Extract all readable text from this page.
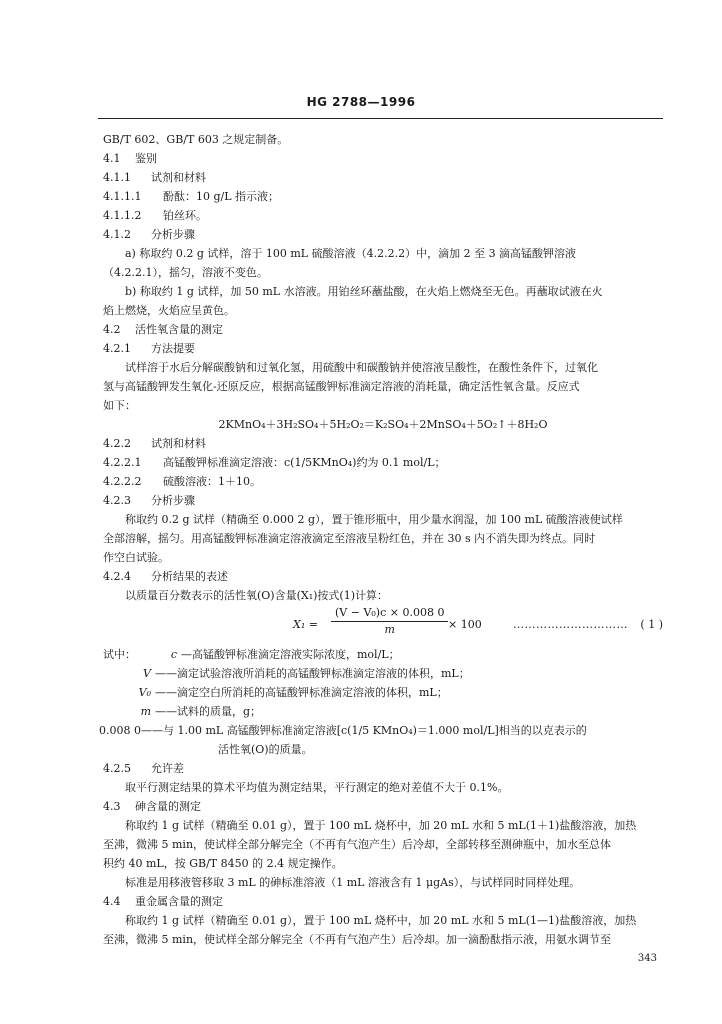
HG 2788—1996
GB/T 602、GB/T 603 之规定制备。
4.1 鉴别
4.1.1 试剂和材料
4.1.1.1 酚酞：10 g/L 指示液；
4.1.1.2 铂丝环。
4.1.2 分析步骤
a) 称取约 0.2 g 试样，溶于 100 mL 硫酸溶液（4.2.2.2）中，滴加 2 至 3 滴高锰酸钾溶液
（4.2.2.1），摇匀，溶液不变色。
b) 称取约 1 g 试样，加 50 mL 水溶液。用铂丝环蘸盐酸，在火焰上燃烧至无色。再蘸取试液在火
焰上燃烧，火焰应呈黄色。
4.2 活性氧含量的测定
4.2.1 方法提要
试样溶于水后分解碳酸钠和过氧化氢，用硫酸中和碳酸钠并使溶液呈酸性，在酸性条件下，过氧化
氢与高锰酸钾发生氧化-还原反应，根据高锰酸钾标准滴定溶液的消耗量，确定活性氧含量。反应式
如下：
2KMnO₄＋3H₂SO₄＋5H₂O₂＝K₂SO₄＋2MnSO₄＋5O₂↑＋8H₂O
4.2.2 试剂和材料
4.2.2.1 高锰酸钾标准滴定溶液：c(1/5KMnO₄)约为 0.1 mol/L；
4.2.2.2 硫酸溶液：1＋10。
4.2.3 分析步骤
称取约 0.2 g 试样（精确至 0.000 2 g），置于锥形瓶中，用少量水润湿，加 100 mL 硫酸溶液使试样
全部溶解，摇匀。用高锰酸钾标准滴定溶液滴定至溶液呈粉红色，并在 30 s 内不消失即为终点。同时
作空白试验。
4.2.4 分析结果的表述
以质量百分数表示的活性氧(O)含量(X₁)按式(1)计算：
$X_1 = \frac{\text{(V − V₀)c × 0.008 0}}{m} \times 100$	………………………… ( 1 )
试中：	c —高锰酸钾标准滴定溶液实际浓度，mol/L；
V ——滴定试验溶液所消耗的高锰酸钾标准滴定溶液的体积，mL；
V₀ ——滴定空白所消耗的高锰酸钾标准滴定溶液的体积，mL；
m ——试料的质量，g；
0.008 0——与 1.00 mL 高锰酸钾标准滴定溶液[c(1/5 KMnO₄)＝1.000 mol/L]相当的以克表示的
活性氧(O)的质量。
4.2.5 允许差
取平行测定结果的算术平均值为测定结果，平行测定的绝对差值不大于 0.1%。
4.3 砷含量的测定
称取约 1 g 试样（精确至 0.01 g），置于 100 mL 烧杯中，加 20 mL 水和 5 mL(1＋1)盐酸溶液，加热
至沸，微沸 5 min，使试样全部分解完全（不再有气泡产生）后冷却，全部转移至测砷瓶中，加水至总体
积约 40 mL，按 GB/T 8450 的 2.4 规定操作。
标准是用移液管移取 3 mL 的砷标准溶液（1 mL 溶液含有 1 μgAs），与试样同时同样处理。
4.4 重金属含量的测定
称取约 1 g 试样（精确至 0.01 g），置于 100 mL 烧杯中，加 20 mL 水和 5 mL(1—1)盐酸溶液，加热
至沸，微沸 5 min，使试样全部分解完全（不再有气泡产生）后冷却。加一滴酚酞指示液，用氨水调节至
343
